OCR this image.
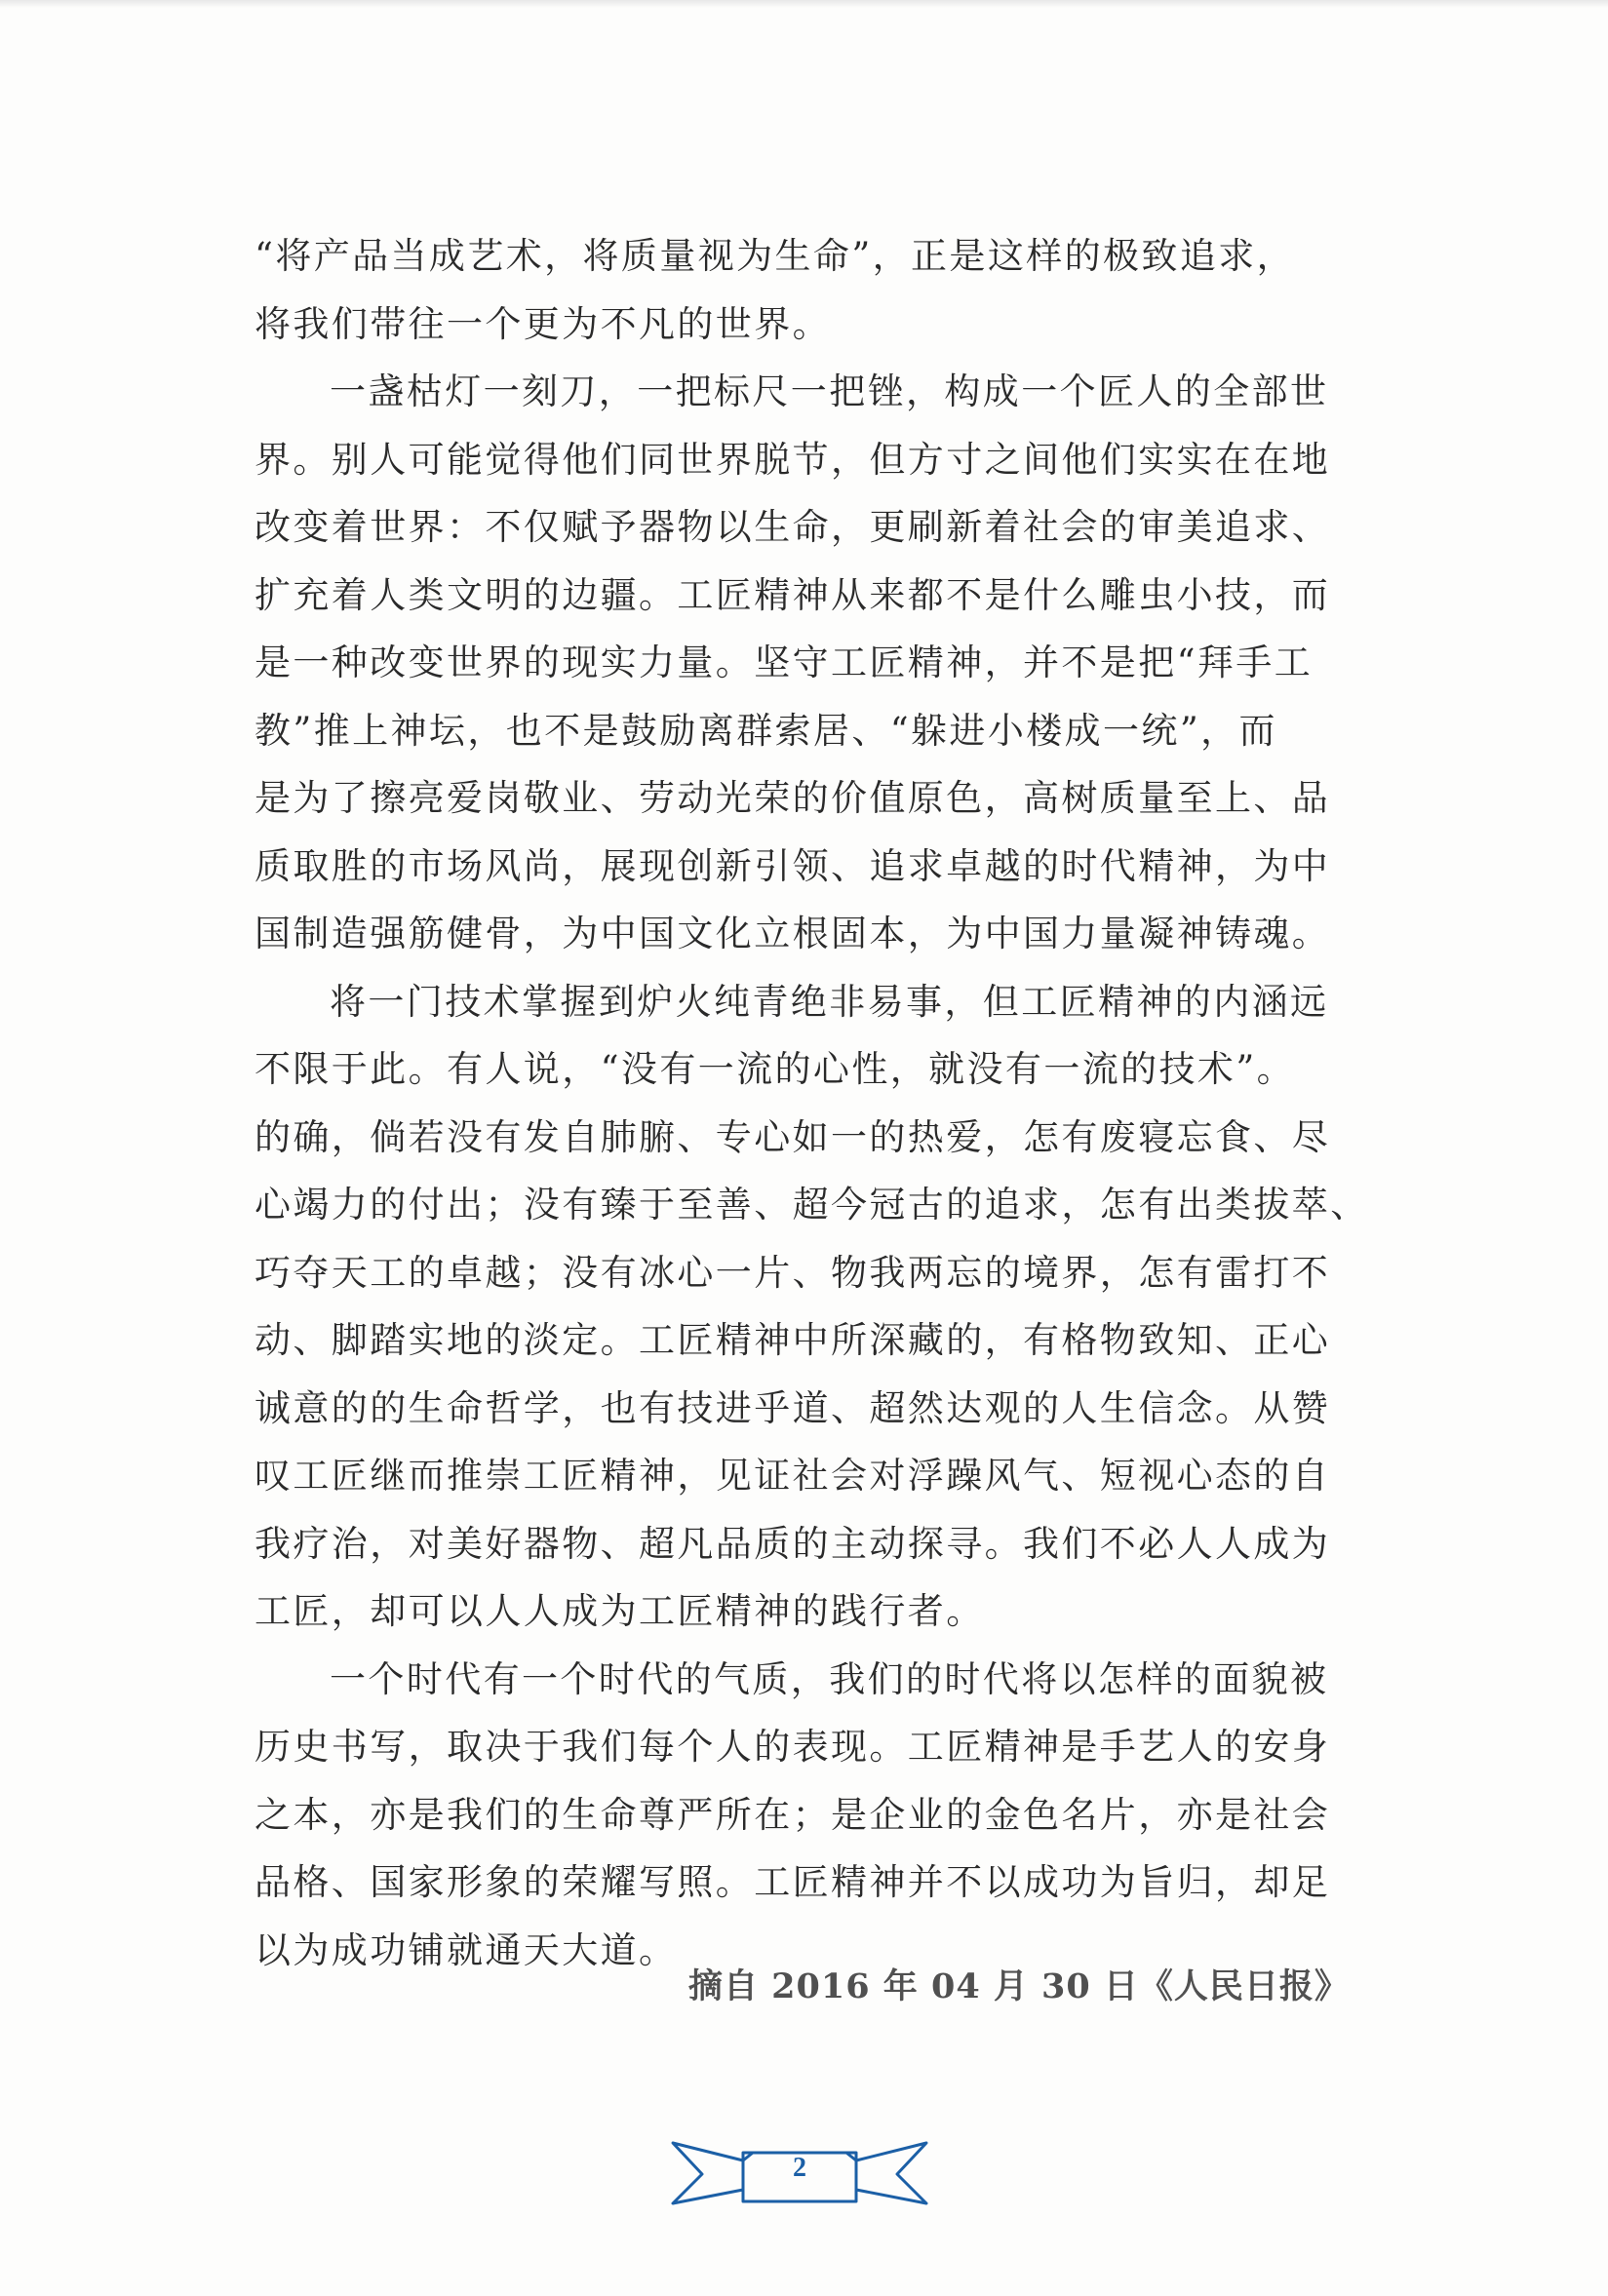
“将产品当成艺术，将质量视为生命”，正是这样的极致追求，
将我们带往一个更为不凡的世界。
一盏枯灯一刻刀，一把标尺一把锉，构成一个匠人的全部世
界。别人可能觉得他们同世界脱节，但方寸之间他们实实在在地
改变着世界：不仅赋予器物以生命，更刷新着社会的审美追求、
扩充着人类文明的边疆。工匠精神从来都不是什么雕虫小技，而
是一种改变世界的现实力量。坚守工匠精神，并不是把“拜手工
教”推上神坛，也不是鼓励离群索居、“躲进小楼成一统”，而
是为了擦亮爱岗敬业、劳动光荣的价值原色，高树质量至上、品
质取胜的市场风尚，展现创新引领、追求卓越的时代精神，为中
国制造强筋健骨，为中国文化立根固本，为中国力量凝神铸魂。
将一门技术掌握到炉火纯青绝非易事，但工匠精神的内涵远
不限于此。有人说，“没有一流的心性，就没有一流的技术”。
的确，倘若没有发自肺腑、专心如一的热爱，怎有废寝忘食、尽
心竭力的付出；没有臻于至善、超今冠古的追求，怎有出类拔萃、
巧夺天工的卓越；没有冰心一片、物我两忘的境界，怎有雷打不
动、脚踏实地的淡定。工匠精神中所深藏的，有格物致知、正心
诚意的的生命哲学，也有技进乎道、超然达观的人生信念。从赞
叹工匠继而推崇工匠精神，见证社会对浮躁风气、短视心态的自
我疗治，对美好器物、超凡品质的主动探寻。我们不必人人成为
工匠，却可以人人成为工匠精神的践行者。
一个时代有一个时代的气质，我们的时代将以怎样的面貌被
历史书写，取决于我们每个人的表现。工匠精神是手艺人的安身
之本，亦是我们的生命尊严所在；是企业的金色名片，亦是社会
品格、国家形象的荣耀写照。工匠精神并不以成功为旨归，却足
以为成功铺就通天大道。
摘自 2016 年 04 月 30 日《人民日报》
2
